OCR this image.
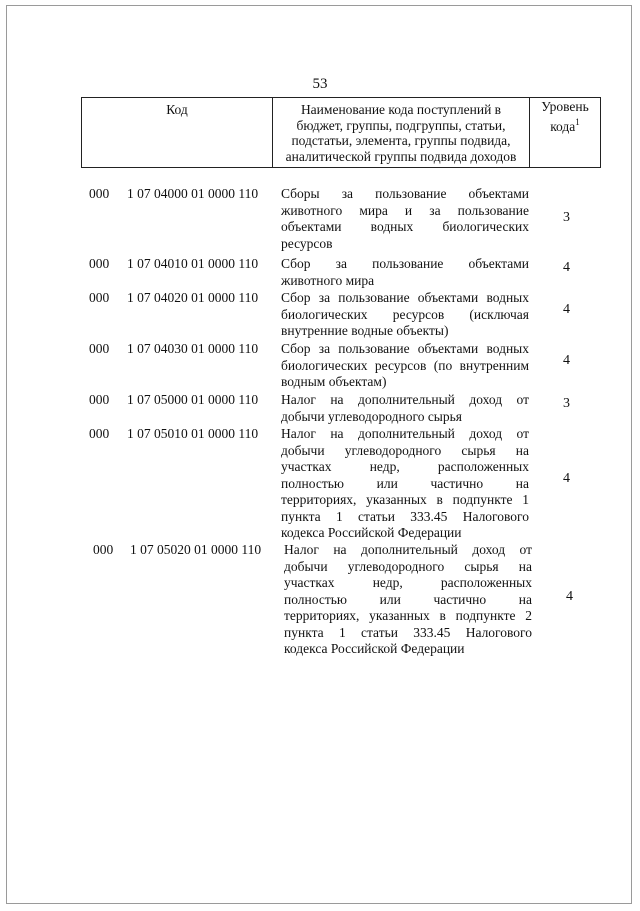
53
Код	Наименование кода поступлений в
бюджет, группы, подгруппы, статьи,
подстатьи, элемента, группы подвида,
аналитической группы подвида доходов
Уровень
кода$^1$
000 1 07 04000 01 0000 110 Сборы за пользование объектами
животного мира и за пользование
объектами водных биологических
ресурсов
3
000 1 07 04010 01 0000 110 Сбор за пользование объектами
животного мира
4
000 1 07 04020 01 0000 110 Сбор за пользование объектами водных
биологических ресурсов (исключая
внутренние водные объекты)
4
000 1 07 04030 01 0000 110 Сбор за пользование объектами водных
биологических ресурсов (по внутренним
водным объектам)
4
000 1 07 05000 01 0000 110 Налог на дополнительный доход от
добычи углеводородного сырья
3
000 1 07 05010 01 0000 110 Налог на дополнительный доход от
добычи углеводородного сырья на
участках недр, расположенных
полностью или частично на
территориях, указанных в подпункте 1
пункта 1 статьи 333.45 Налогового
кодекса Российской Федерации
4
000 1 07 05020 01 0000 110 Налог на дополнительный доход от
добычи углеводородного сырья на
участках недр, расположенных
полностью или частично на
территориях, указанных в подпункте 2
пункта 1 статьи 333.45 Налогового
кодекса Российской Федерации
4
